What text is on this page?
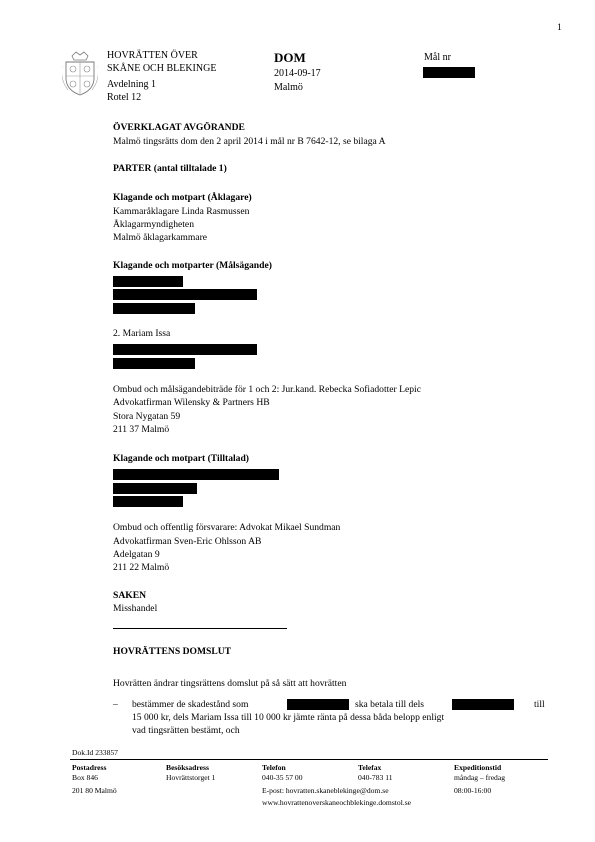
1
HOVRÄTTEN ÖVER
SKÅNE OCH BLEKINGE
Avdelning 1
Rotel 12
DOM
2014-09-17
Malmö
Mål nr
ÖVERKLAGAT AVGÖRANDE
Malmö tingsrätts dom den 2 april 2014 i mål nr B 7642-12, se bilaga A
PARTER (antal tilltalade 1)
Klagande och motpart (Åklagare)
Kammaråklagare Linda Rasmussen
Åklagarmyndigheten
Malmö åklagarkammare
Klagande och motparter (Målsägande)
2. Mariam Issa
Ombud och målsägandebiträde för 1 och 2: Jur.kand. Rebecka Sofiadotter Lepic
Advokatfirman Wilensky & Partners HB
Stora Nygatan 59
211 37 Malmö
Klagande och motpart (Tilltalad)
Ombud och offentlig försvarare: Advokat Mikael Sundman
Advokatfirman Sven-Eric Ohlsson AB
Adelgatan 9
211 22 Malmö
SAKEN
Misshandel
HOVRÄTTENS DOMSLUT
Hovrätten ändrar tingsrättens domslut på så sätt att hovrätten
– bestämmer de skadestånd som	ska betala till dels	till
15 000 kr, dels Mariam Issa till 10 000 kr jämte ränta på dessa båda belopp enligt
vad tingsrätten bestämt, och
Dok.Id 233857
Postadress
Box 846
201 80 Malmö
Besöksadress
Hovrättstorget 1
Telefon
040-35 57 00
E-post: hovratten.skaneblekinge@dom.se
www.hovrattenoverskaneochblekinge.domstol.se
Telefax
040-783 11
Expeditionstid
måndag – fredag
08:00-16:00
